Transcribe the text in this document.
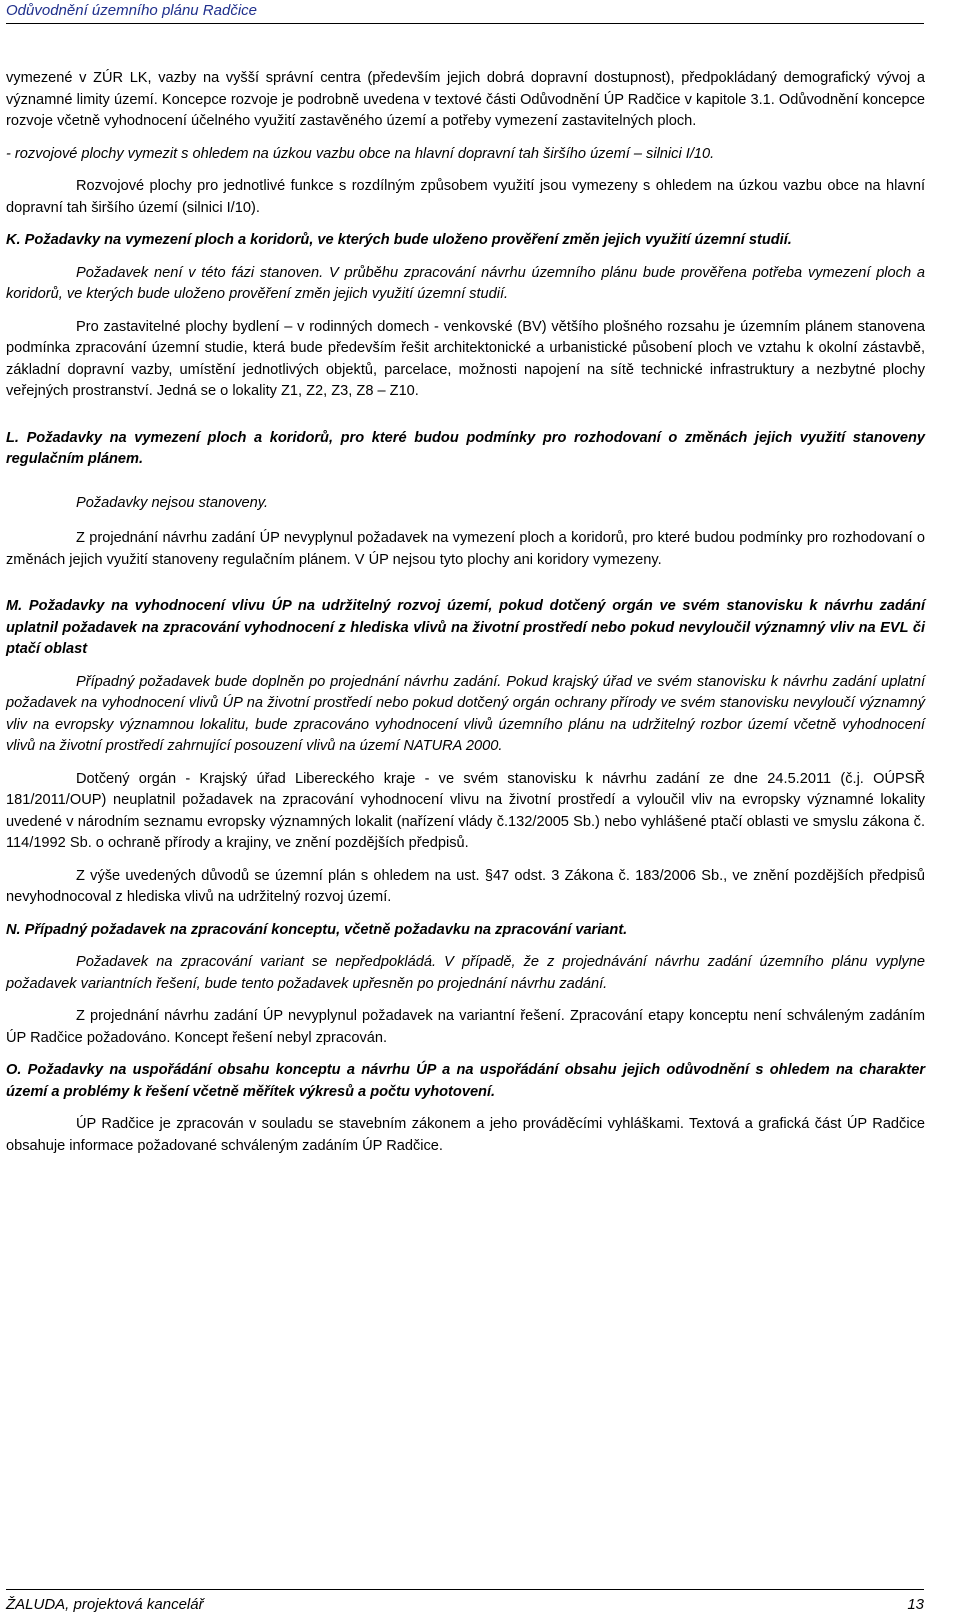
Odůvodnění územního plánu Radčice

vymezené v ZÚR LK, vazby na vyšší správní centra (především jejich dobrá dopravní dostupnost), předpokládaný demografický vývoj a významné limity území. Koncepce rozvoje je podrobně uvedena v textové části Odůvodnění ÚP Radčice v kapitole 3.1. Odůvodnění koncepce rozvoje včetně vyhodnocení účelného využití zastavěného území a potřeby vymezení zastavitelných ploch.

- rozvojové plochy vymezit s ohledem na úzkou vazbu obce na hlavní dopravní tah širšího území – silnici I/10.

Rozvojové plochy pro jednotlivé funkce s rozdílným způsobem využití jsou vymezeny s ohledem na úzkou vazbu obce na hlavní dopravní tah širšího území (silnici I/10).

K. Požadavky na vymezení ploch a koridorů, ve kterých bude uloženo prověření změn jejich využití územní studií.

Požadavek není v této fázi stanoven. V průběhu zpracování návrhu územního plánu bude prověřena potřeba vymezení ploch a koridorů, ve kterých bude uloženo prověření změn jejich využití územní studií.

Pro zastavitelné plochy bydlení – v rodinných domech - venkovské (BV) většího plošného rozsahu je územním plánem stanovena podmínka zpracování územní studie, která bude především řešit architektonické a urbanistické působení ploch ve vztahu k okolní zástavbě, základní dopravní vazby, umístění jednotlivých objektů, parcelace, možnosti napojení na sítě technické infrastruktury a nezbytné plochy veřejných prostranství. Jedná se o lokality Z1, Z2, Z3, Z8 – Z10.

L. Požadavky na vymezení ploch a koridorů, pro které budou podmínky pro rozhodovaní o změnách jejich využití stanoveny regulačním plánem.

Požadavky nejsou stanoveny.

Z projednání návrhu zadání ÚP nevyplynul požadavek na vymezení ploch a koridorů, pro které budou podmínky pro rozhodovaní o změnách jejich využití stanoveny regulačním plánem. V ÚP nejsou tyto plochy ani koridory vymezeny.

M. Požadavky na vyhodnocení vlivu ÚP na udržitelný rozvoj území, pokud dotčený orgán ve svém stanovisku k návrhu zadání uplatnil požadavek na zpracování vyhodnocení z hlediska vlivů na životní prostředí nebo pokud nevyloučil významný vliv na EVL či ptačí oblast

Případný požadavek bude doplněn po projednání návrhu zadání. Pokud krajský úřad ve svém stanovisku k návrhu zadání uplatní požadavek na vyhodnocení vlivů ÚP na životní prostředí nebo pokud dotčený orgán ochrany přírody ve svém stanovisku nevyloučí významný vliv na evropsky významnou lokalitu, bude zpracováno vyhodnocení vlivů územního plánu na udržitelný rozbor území včetně vyhodnocení vlivů na životní prostředí zahrnující posouzení vlivů na území NATURA 2000.

Dotčený orgán - Krajský úřad Libereckého kraje - ve svém stanovisku k návrhu zadání ze dne 24.5.2011 (č.j. OÚPSŘ 181/2011/OUP) neuplatnil požadavek na zpracování vyhodnocení vlivu na životní prostředí a vyloučil vliv na evropsky významné lokality uvedené v národním seznamu evropsky významných lokalit (nařízení vlády č.132/2005 Sb.) nebo vyhlášené ptačí oblasti ve smyslu zákona č. 114/1992 Sb. o ochraně přírody a krajiny, ve znění pozdějších předpisů.

Z výše uvedených důvodů se územní plán s ohledem na ust. §47 odst. 3 Zákona č. 183/2006 Sb., ve znění pozdějších předpisů nevyhodnocoval z hlediska vlivů na udržitelný rozvoj území.

N. Případný požadavek na zpracování konceptu, včetně požadavku na zpracování variant.

Požadavek na zpracování variant se nepředpokládá. V případě, že z projednávání návrhu zadání územního plánu vyplyne požadavek variantních řešení, bude tento požadavek upřesněn po projednání návrhu zadání.

Z projednání návrhu zadání ÚP nevyplynul požadavek na variantní řešení. Zpracování etapy konceptu není schváleným zadáním ÚP Radčice požadováno. Koncept řešení nebyl zpracován.

O. Požadavky na uspořádání obsahu konceptu a návrhu ÚP a na uspořádání obsahu jejich odůvodnění s ohledem na charakter území a problémy k řešení včetně měřítek výkresů a počtu vyhotovení.

ÚP Radčice je zpracován v souladu se stavebním zákonem a jeho prováděcími vyhláškami. Textová a grafická část ÚP Radčice obsahuje informace požadované schváleným zadáním ÚP Radčice.

ŽALUDA, projektová kancelář	13
